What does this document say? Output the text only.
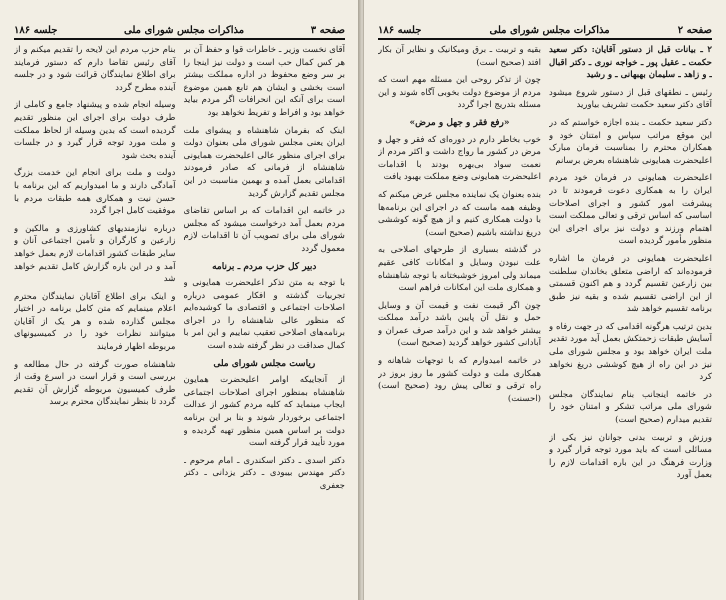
صفحه ۳
مذاکرات مجلس شورای ملی
جلسه ۱۸۶

آقای نخست وزیر ـ خاطرات قوا و حفظ آن بر هر کس کمال حب است و دولت نیز اینجا را بر سر وضع محفوظ در اداره مملکت بیشتر است بخشی و ایشان هم تابع همین موضوع است برای آنکه این انحرافات اگر مردم بیاید خواهد بود و افراط و تفریط نخواهد بود

اینک که بفرمان شاهنشاه و پیشوای ملت ایران یعنی مجلس شورای ملی بعنوان دولت برای اجرای منظور عالی اعلیحضرت همایونی شاهنشاه از فرمانی که صادر فرمودند اقداماتی بعمل آمده و بهمین مناسبت در این مجلس تقدیم گزارش گردید

در خاتمه این اقدامات که بر اساس تقاضای مردم بعمل آمد درخواست میشود که مجلس شورای ملی برای تصویب آن تا اقدامات لازم معمول گردد

دبیر کل حزب مردم ـ برنامه

با توجه به متن تذکر اعلیحضرت همایونی و تجربیات گذشته و افکار عمومی درباره اصلاحات اجتماعی و اقتصادی ما کوشیده‌ایم که منظور عالی شاهنشاه را در اجرای برنامه‌های اصلاحی تعقیب نماییم و این امر با کمال صداقت در نظر گرفته شده است

ریاست مجلس شورای ملی

از آنجاییکه اوامر اعلیحضرت همایون شاهنشاه بمنظور اجرای اصلاحات اجتماعی ایجاب مینماید که کلیه مردم کشور از عدالت اجتماعی برخوردار شوند و بنا بر این برنامه دولت بر اساس همین منظور تهیه گردیده و مورد تأیید قرار گرفته است

دکتر اسدی ـ دکتر اسکندری ـ امام مرحوم ـ دکتر مهندس بیبودی ـ دکتر یزدانی ـ دکتر جعفری

بنام حزب مردم این لایحه را تقدیم میکنم و از آقای رئیس تقاضا دارم که دستور فرمایند برای اطلاع نمایندگان قرائت شود و در جلسه آینده مطرح گردد

وسیله انجام شده و پیشنهاد جامع و کاملی از طرف دولت برای اجرای این منظور تقدیم گردیده است که بدین وسیله از لحاظ مملکت و ملت مورد توجه قرار گیرد و در جلسات آینده بحث شود

دولت و ملت برای انجام این خدمت بزرگ آمادگی دارند و ما امیدواریم که این برنامه با حسن نیت و همکاری همه طبقات مردم با موفقیت کامل اجرا گردد

درباره نیازمندیهای کشاورزی و مالکین و زارعین و کارگران و تأمین اجتماعی آنان و سایر طبقات کشور اقدامات لازم بعمل خواهد آمد و در این باره گزارش کامل تقدیم خواهد شد

و اینک برای اطلاع آقایان نمایندگان محترم اعلام مینمایم که متن کامل برنامه در اختیار مجلس گذارده شده و هر یک از آقایان میتوانند نظرات خود را در کمیسیونهای مربوطه اظهار فرمایند

شاهنشاه صورت گرفته در حال مطالعه و بررسی است و قرار است در اسرع وقت از طرف کمیسیون مربوطه گزارش آن تقدیم گردد تا بنظر نمایندگان محترم برسد

صفحه ۲
مذاکرات مجلس شورای ملی
جلسه ۱۸۶

۲ ـ بیانات قبل از دستور آقایان: دکتر سعید حکمت ـ عقیل پور ـ خواجه نوری ـ دکتر اقبال ـ و زاهد ـ سلیمان بهبهانی ـ و رشید

رئیس ـ نطقهای قبل از دستور شروع میشود آقای دکتر سعید حکمت تشریف بیاورید

دکتر سعید حکمت ـ بنده اجازه خواستم که در این موقع مراتب سپاس و امتنان خود و همکاران محترم را بمناسبت فرمان مبارک اعلیحضرت همایونی شاهنشاه بعرض برسانم

اعلیحضرت همایونی در فرمان خود مردم ایران را به همکاری دعوت فرمودند تا در پیشرفت امور کشور و اجرای اصلاحات اساسی که اساس ترقی و تعالی مملکت است اهتمام ورزند و دولت نیز برای اجرای این منظور مأمور گردیده است

اعلیحضرت همایونی در فرمان ما اشاره فرموده‌اند که اراضی متعلق بخاندان سلطنت بین زارعین تقسیم گردد و هم اکنون قسمتی از این اراضی تقسیم شده و بقیه نیز طبق برنامه تقسیم خواهد شد

بدین ترتیب هرگونه اقدامی که در جهت رفاه و آسایش طبقات زحمتکش بعمل آید مورد تقدیر ملت ایران خواهد بود و مجلس شورای ملی نیز در این راه از هیچ کوششی دریغ نخواهد کرد

در خاتمه اینجانب بنام نمایندگان مجلس شورای ملی مراتب تشکر و امتنان خود را تقدیم میدارم (صحیح است)

ورزش و تربیت بدنی جوانان نیز یکی از مسائلی است که باید مورد توجه قرار گیرد و وزارت فرهنگ در این باره اقدامات لازم را بعمل آورد

بقیه و تربیت ـ برق ومیکانیک و نظایر آن بکار افتد (صحیح است)

چون از تذکر روحی این مسئله مهم است که مردم از موضوع دولت بخوبی آگاه شوند و این مسئله بتدریج اجرا گردد

«رفع فقر و جهل و مرض»

خوب بخاطر دارم در دوره‌ای که فقر و جهل و مرض در کشور ما رواج داشت و اکثر مردم از نعمت سواد بی‌بهره بودند با اقدامات اعلیحضرت همایونی وضع مملکت بهبود یافت

بنده بعنوان یک نماینده مجلس عرض میکنم که وظیفه همه ماست که در اجرای این برنامه‌ها با دولت همکاری کنیم و از هیچ گونه کوششی دریغ نداشته باشیم (صحیح است)

در گذشته بسیاری از طرحهای اصلاحی به علت نبودن وسایل و امکانات کافی عقیم میماند ولی امروز خوشبختانه با توجه شاهنشاه و همکاری ملت این امکانات فراهم است

چون اگر قیمت نفت و قیمت آن و وسایل حمل و نقل آن پایین باشد درآمد مملکت بیشتر خواهد شد و این درآمد صرف عمران و آبادانی کشور خواهد گردید (صحیح است)

در خاتمه امیدوارم که با توجهات شاهانه و همکاری ملت و دولت کشور ما روز بروز در راه ترقی و تعالی پیش رود (صحیح است) (احسنت)
